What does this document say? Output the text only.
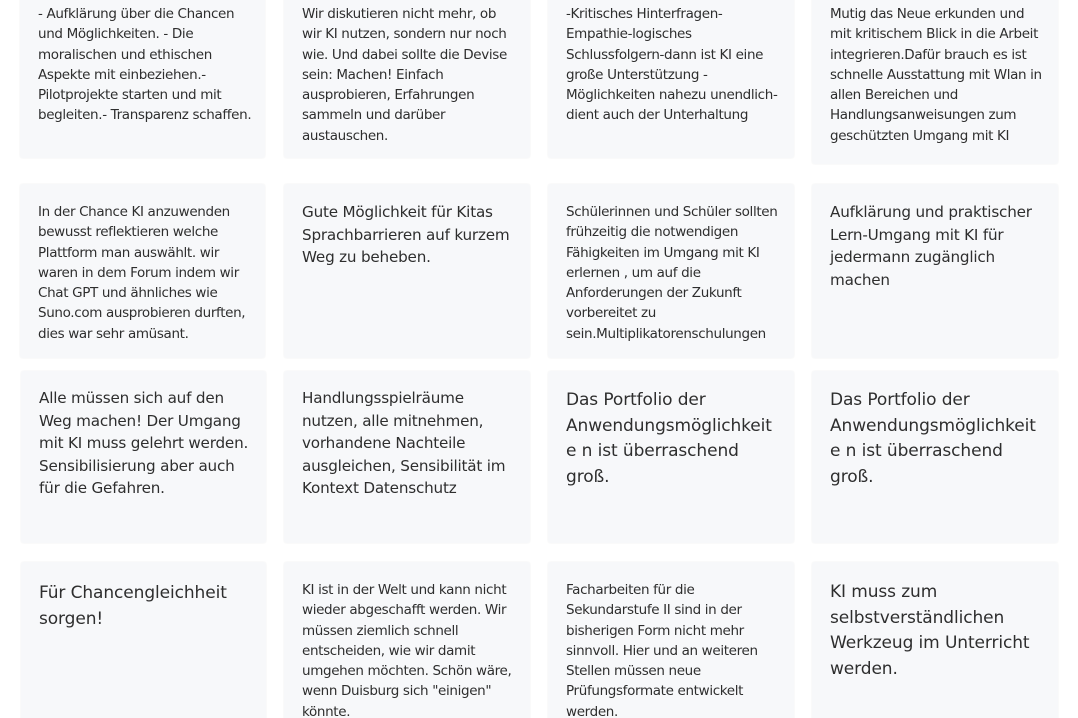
- Aufklärung über die Chancen und Möglichkeiten. - Die moralischen und ethischen Aspekte mit einbeziehen.- Pilotprojekte starten und mit begleiten.- Transparenz schaffen.

Wir diskutieren nicht mehr, ob wir KI nutzen, sondern nur noch wie. Und dabei sollte die Devise sein: Machen! Einfach ausprobieren, Erfahrungen sammeln und darüber austauschen.

-Kritisches Hinterfragen-Empathie-logisches Schlussfolgern-dann ist KI eine große Unterstützung - Möglichkeiten nahezu unendlich-dient auch der Unterhaltung

Mutig das Neue erkunden und mit kritischem Blick in die Arbeit integrieren.Dafür brauch es ist schnelle Ausstattung mit Wlan in allen Bereichen und Handlungsanweisungen zum geschützten Umgang mit KI

In der Chance KI anzuwenden bewusst reflektieren welche Plattform man auswählt. wir waren in dem Forum indem wir Chat GPT und ähnliches wie Suno.com ausprobieren durften, dies war sehr amüsant.

Gute Möglichkeit für Kitas Sprachbarrieren auf kurzem Weg zu beheben.

Schülerinnen und Schüler sollten frühzeitig die notwendigen Fähigkeiten im Umgang mit KI erlernen , um auf die Anforderungen der Zukunft vorbereitet zu sein.Multiplikatorenschulungen

Aufklärung und praktischer Lern-Umgang mit KI für jedermann zugänglich machen

Alle müssen sich auf den Weg machen! Der Umgang mit KI muss gelehrt werden. Sensibilisierung aber auch für die Gefahren.

Handlungsspielräume nutzen, alle mitnehmen, vorhandene Nachteile ausgleichen, Sensibilität im Kontext Datenschutz

Das Portfolio der Anwendungsmöglichkeite n ist überraschend groß.

Das Portfolio der Anwendungsmöglichkeite n ist überraschend groß.

Für Chancengleichheit sorgen!

KI ist in der Welt und kann nicht wieder abgeschafft werden. Wir müssen ziemlich schnell entscheiden, wie wir damit umgehen möchten. Schön wäre, wenn Duisburg sich "einigen" könnte.

Facharbeiten für die Sekundarstufe II sind in der bisherigen Form nicht mehr sinnvoll. Hier und an weiteren Stellen müssen neue Prüfungsformate entwickelt werden.

KI muss zum selbstverständlichen Werkzeug im Unterricht werden.
